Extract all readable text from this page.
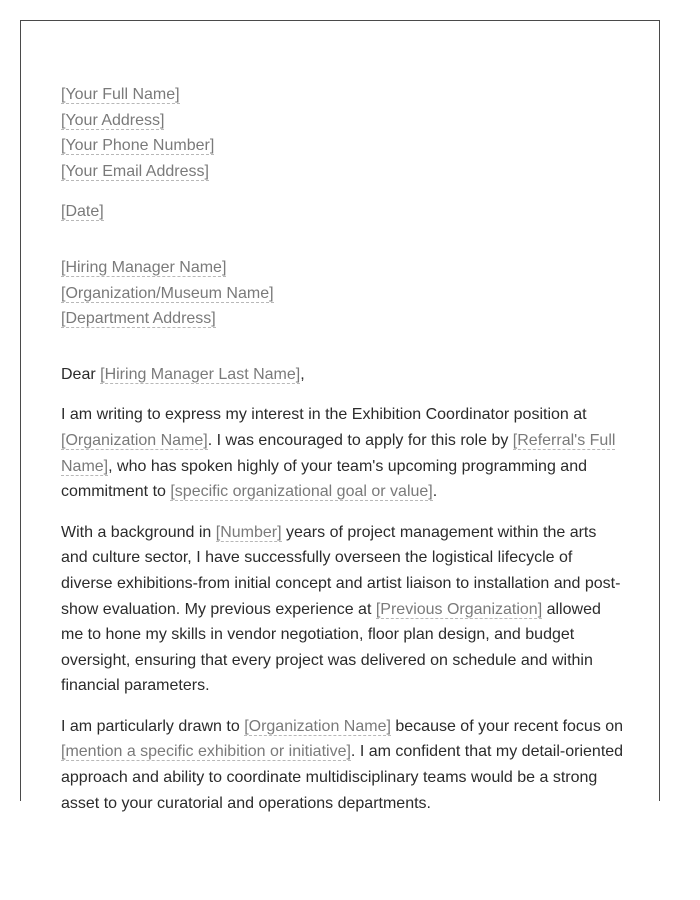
[Your Full Name]
[Your Address]
[Your Phone Number]
[Your Email Address]
[Date]
[Hiring Manager Name]
[Organization/Museum Name]
[Department Address]
Dear [Hiring Manager Last Name],

I am writing to express my interest in the Exhibition Coordinator position at [Organization Name]. I was encouraged to apply for this role by [Referral's Full Name], who has spoken highly of your team's upcoming programming and commitment to [specific organizational goal or value].

With a background in [Number] years of project management within the arts and culture sector, I have successfully overseen the logistical lifecycle of diverse exhibitions-from initial concept and artist liaison to installation and post-show evaluation. My previous experience at [Previous Organization] allowed me to hone my skills in vendor negotiation, floor plan design, and budget oversight, ensuring that every project was delivered on schedule and within financial parameters.

I am particularly drawn to [Organization Name] because of your recent focus on [mention a specific exhibition or initiative]. I am confident that my detail-oriented approach and ability to coordinate multidisciplinary teams would be a strong asset to your curatorial and operations departments.
